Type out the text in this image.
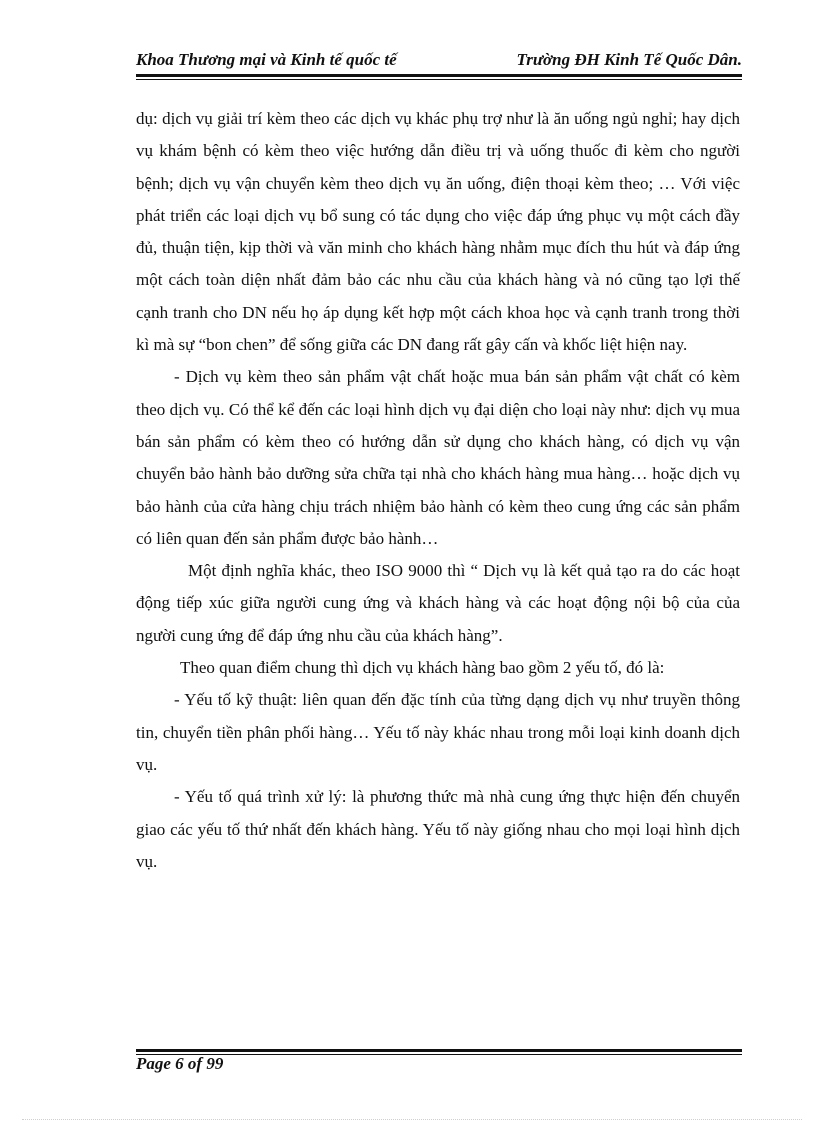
Khoa Thương mại và Kinh tế quốc tế	Trường ĐH Kinh Tế Quốc Dân.

dụ: dịch vụ giải trí kèm theo các dịch vụ khác phụ trợ như là ăn uống ngủ nghỉ; hay dịch vụ khám bệnh có kèm theo việc hướng dẫn điều trị và uống thuốc đi kèm cho người bệnh; dịch vụ vận chuyển kèm theo dịch vụ ăn uống, điện thoại kèm theo; … Với việc phát triển các loại dịch vụ bổ sung có tác dụng cho việc đáp ứng phục vụ một cách đầy đủ, thuận tiện, kịp thời và văn minh cho khách hàng nhằm mục đích thu hút và đáp ứng một cách toàn diện nhất đảm bảo các nhu cầu của khách hàng và nó cũng tạo lợi thế cạnh tranh cho DN nếu họ áp dụng kết hợp một cách khoa học và cạnh tranh trong thời kì mà sự “bon chen” để sống giữa các DN đang rất gây cấn và khốc liệt hiện nay.

- Dịch vụ kèm theo sản phẩm vật chất hoặc mua bán sản phẩm vật chất có kèm theo dịch vụ. Có thể kể đến các loại hình dịch vụ đại diện cho loại này như: dịch vụ mua bán sản phẩm có kèm theo có hướng dẫn sử dụng cho khách hàng, có dịch vụ vận chuyển bảo hành bảo dưỡng sửa chữa tại nhà cho khách hàng mua hàng… hoặc dịch vụ bảo hành của cửa hàng chịu trách nhiệm bảo hành có kèm theo cung ứng các sản phẩm có liên quan đến sản phẩm được bảo hành…

Một định nghĩa khác, theo ISO 9000 thì “ Dịch vụ là kết quả tạo ra do các hoạt động tiếp xúc giữa người cung ứng và khách hàng và các hoạt động nội bộ của của người cung ứng để đáp ứng nhu cầu của khách hàng”.

Theo quan điểm chung thì dịch vụ khách hàng bao gồm 2 yếu tố, đó là:

- Yếu tố kỹ thuật: liên quan đến đặc tính của từng dạng dịch vụ như truyền thông tin, chuyển tiền phân phối hàng… Yếu tố này khác nhau trong mỗi loại kinh doanh dịch vụ.

- Yếu tố quá trình xử lý: là phương thức mà nhà cung ứng thực hiện đến chuyển giao các yếu tố thứ nhất đến khách hàng. Yếu tố này giống nhau cho mọi loại hình dịch vụ.

Page 6 of 99
